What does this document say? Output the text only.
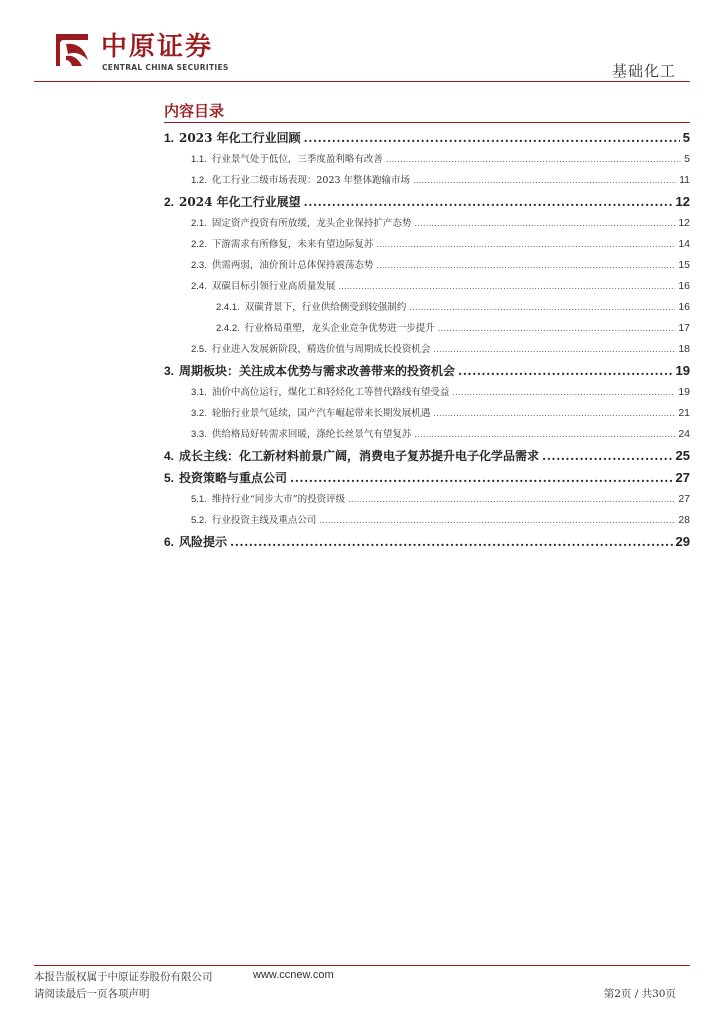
中原证券
CENTRAL CHINA SECURITIES	基础化工
内容目录
1. 2023 年化工行业回顾 .....	5
1.1. 行业景气处于低位，三季度盈利略有改善 .....	5
1.2. 化工行业二级市场表现：2023 年整体跑输市场 .....	11
2. 2024 年化工行业展望 .....	12
2.1. 固定资产投资有所放缓，龙头企业保持扩产态势 .....	12
2.2. 下游需求有所修复，未来有望边际复苏 .....	14
2.3. 供需两弱，油价预计总体保持震荡态势 .....	15
2.4. 双碳目标引领行业高质量发展 .....	16
2.4.1. 双碳背景下，行业供给侧受到较强制约 .....	16
2.4.2. 行业格局重塑，龙头企业竞争优势进一步提升 .....	17
2.5. 行业进入发展新阶段，精选价值与周期成长投资机会 .....	18
3. 周期板块：关注成本优势与需求改善带来的投资机会 .....	19
3.1. 油价中高位运行，煤化工和轻烃化工等替代路线有望受益 .....	19
3.2. 轮胎行业景气延续，国产汽车崛起带来长期发展机遇 .....	21
3.3. 供给格局好转需求回暖，涤纶长丝景气有望复苏 .....	24
4. 成长主线：化工新材料前景广阔，消费电子复苏提升电子化学品需求 .....	25
5. 投资策略与重点公司 .....	27
5.1. 维持行业“同步大市”的投资评级 .....	27
5.2. 行业投资主线及重点公司 .....	28
6. 风险提示 .....	29
本报告版权属于中原证券股份有限公司	www.ccnew.com
请阅读最后一页各项声明	第2页 / 共30页
